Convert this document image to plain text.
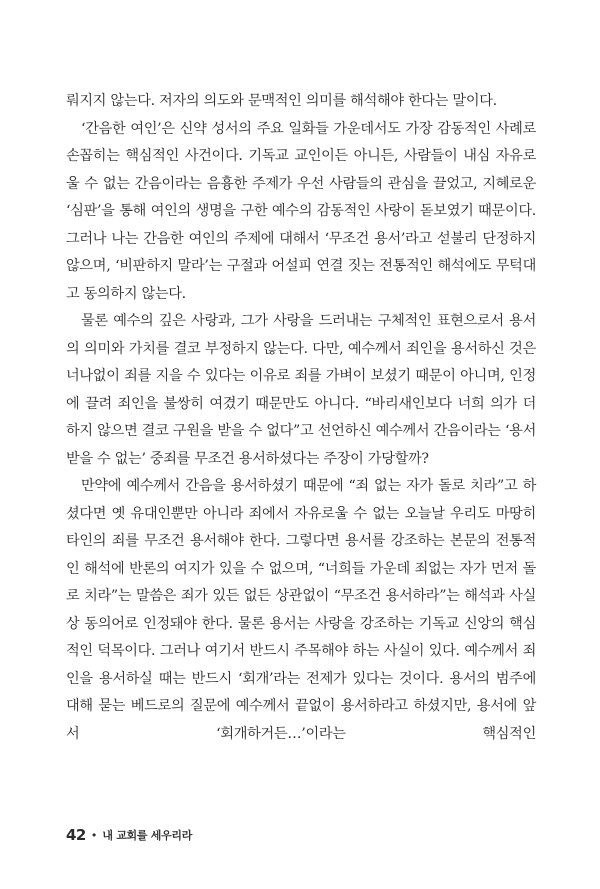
뤄지지 않는다. 저자의 의도와 문맥적인 의미를 해석해야 한다는 말이다.

‘간음한 여인’은 신약 성서의 주요 일화들 가운데서도 가장 감동적인 사례로 손꼽히는 핵심적인 사건이다. 기독교 교인이든 아니든, 사람들이 내심 자유로울 수 없는 간음이라는 음흉한 주제가 우선 사람들의 관심을 끌었고, 지혜로운 ‘심판’을 통해 여인의 생명을 구한 예수의 감동적인 사랑이 돋보였기 때문이다. 그러나 나는 간음한 여인의 주제에 대해서 ‘무조건 용서’라고 섣불리 단정하지 않으며, ‘비판하지 말라’는 구절과 어설피 연결 짓는 전통적인 해석에도 무턱대고 동의하지 않는다.

물론 예수의 깊은 사랑과, 그가 사랑을 드러내는 구체적인 표현으로서 용서의 의미와 가치를 결코 부정하지 않는다. 다만, 예수께서 죄인을 용서하신 것은 너나없이 죄를 지을 수 있다는 이유로 죄를 가벼이 보셨기 때문이 아니며, 인정에 끌려 죄인을 불쌍히 여겼기 때문만도 아니다. “바리새인보다 너희 의가 더 하지 않으면 결코 구원을 받을 수 없다”고 선언하신 예수께서 간음이라는 ‘용서받을 수 없는’ 중죄를 무조건 용서하셨다는 주장이 가당할까?

만약에 예수께서 간음을 용서하셨기 때문에 “죄 없는 자가 돌로 치라”고 하셨다면 옛 유대인뿐만 아니라 죄에서 자유로울 수 없는 오늘날 우리도 마땅히 타인의 죄를 무조건 용서해야 한다. 그렇다면 용서를 강조하는 본문의 전통적인 해석에 반론의 여지가 있을 수 없으며, “너희들 가운데 죄없는 자가 먼저 돌로 치라”는 말씀은 죄가 있든 없든 상관없이 “무조건 용서하라”는 해석과 사실상 동의어로 인정돼야 한다. 물론 용서는 사랑을 강조하는 기독교 신앙의 핵심적인 덕목이다. 그러나 여기서 반드시 주목해야 하는 사실이 있다. 예수께서 죄인을 용서하실 때는 반드시 ‘회개’라는 전제가 있다는 것이다. 용서의 범주에 대해 묻는 베드로의 질문에 예수께서 끝없이 용서하라고 하셨지만, 용서에 앞서 ‘회개하거든…’이라는 핵심적인

42 • 내 교회를 세우리라
